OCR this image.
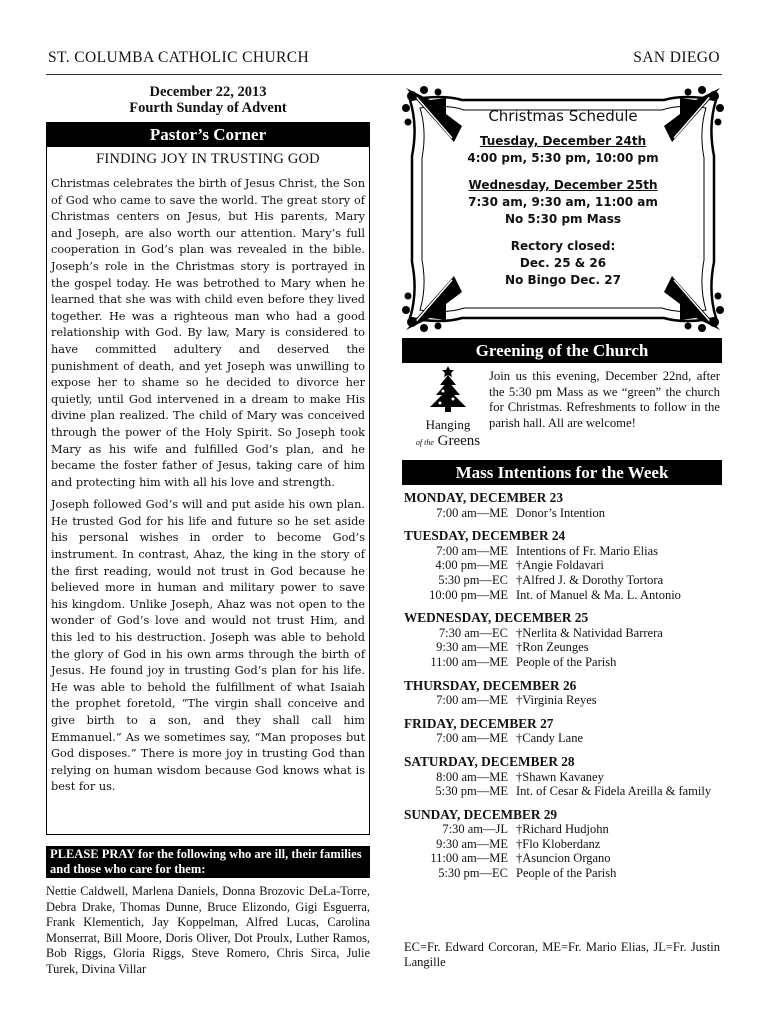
ST. COLUMBA CATHOLIC CHURCH	SAN DIEGO
December 22, 2013
Fourth Sunday of Advent
Pastor’s Corner
FINDING JOY IN TRUSTING GOD

Christmas celebrates the birth of Jesus Christ, the Son of God who came to save the world. The great story of Christmas centers on Jesus, but His parents, Mary and Joseph, are also worth our attention. Mary’s full cooperation in God’s plan was revealed in the bible. Joseph’s role in the Christmas story is portrayed in the gospel today. He was betrothed to Mary when he learned that she was with child even before they lived together. He was a righteous man who had a good relationship with God. By law, Mary is considered to have committed adultery and deserved the punishment of death, and yet Joseph was unwilling to expose her to shame so he decided to divorce her quietly, until God intervened in a dream to make His divine plan realized. The child of Mary was conceived through the power of the Holy Spirit. So Joseph took Mary as his wife and fulfilled God’s plan, and he became the foster father of Jesus, taking care of him and protecting him with all his love and strength.

Joseph followed God’s will and put aside his own plan. He trusted God for his life and future so he set aside his personal wishes in order to become God’s instrument. In contrast, Ahaz, the king in the story of the first reading, would not trust in God because he believed more in human and military power to save his kingdom. Unlike Joseph, Ahaz was not open to the wonder of God’s love and would not trust Him, and this led to his destruction. Joseph was able to behold the glory of God in his own arms through the birth of Jesus. He found joy in trusting God’s plan for his life. He was able to behold the fulfillment of what Isaiah the prophet foretold, “The virgin shall conceive and give birth to a son, and they shall call him Emmanuel.” As we sometimes say, “Man proposes but God disposes.” There is more joy in trusting God than relying on human wisdom because God knows what is best for us.

PLEASE PRAY for the following who are ill, their families and those who care for them:
Nettie Caldwell, Marlena Daniels, Donna Brozovic DeLa-Torre, Debra Drake, Thomas Dunne, Bruce Elizondo, Gigi Esguerra, Frank Klementich, Jay Koppelman, Alfred Lucas, Carolina Monserrat, Bill Moore, Doris Oliver, Dot Proulx, Luther Ramos, Bob Riggs, Gloria Riggs, Steve Romero, Chris Sirca, Julie Turek, Divina Villar
Christmas Schedule
Tuesday, December 24th
4:00 pm, 5:30 pm, 10:00 pm
Wednesday, December 25th
7:30 am, 9:30 am, 11:00 am
No 5:30 pm Mass
Rectory closed:
Dec. 25 & 26
No Bingo Dec. 27
Greening of the Church
Hanging
of the Greens
Join us this evening, December 22nd, after the 5:30 pm Mass as we “green” the church for Christmas. Refreshments to follow in the parish hall. All are welcome!
Mass Intentions for the Week
MONDAY, DECEMBER 23
7:00 am—ME Donor’s Intention
TUESDAY, DECEMBER 24
7:00 am—ME Intentions of Fr. Mario Elias
4:00 pm—ME †Angie Foldavari
5:30 pm—EC †Alfred J. & Dorothy Tortora
10:00 pm—ME Int. of Manuel & Ma. L. Antonio
WEDNESDAY, DECEMBER 25
7:30 am—EC †Nerlita & Natividad Barrera
9:30 am—ME †Ron Zeunges
11:00 am—ME People of the Parish
THURSDAY, DECEMBER 26
7:00 am—ME †Virginia Reyes
FRIDAY, DECEMBER 27
7:00 am—ME †Candy Lane
SATURDAY, DECEMBER 28
8:00 am—ME †Shawn Kavaney
5:30 pm—ME Int. of Cesar & Fidela Areilla & family
SUNDAY, DECEMBER 29
7:30 am—JL †Richard Hudjohn
9:30 am—ME †Flo Kloberdanz
11:00 am—ME †Asuncion Organo
5:30 pm—EC People of the Parish
EC=Fr. Edward Corcoran, ME=Fr. Mario Elias, JL=Fr. Justin Langille
